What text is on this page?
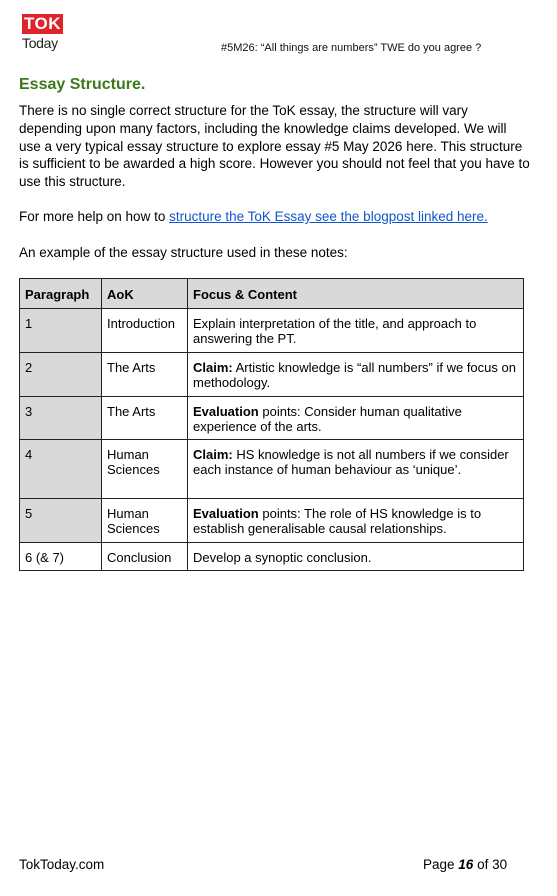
TOK
Today	#5M26: “All things are numbers” TWE do you agree ?
Essay Structure.
There is no single correct structure for the ToK essay, the structure will vary depending upon many factors, including the knowledge claims developed. We will use a very typical essay structure to explore essay #5 May 2026 here. This structure is sufficient to be awarded a high score. However you should not feel that you have to use this structure.
For more help on how to structure the ToK Essay see the blogpost linked here.
An example of the essay structure used in these notes:
Paragraph	AoK	Focus & Content
1	Introduction	Explain interpretation of the title, and approach to answering the PT.
2	The Arts	Claim: Artistic knowledge is “all numbers” if we focus on methodology.
3	The Arts	Evaluation points: Consider human qualitative experience of the arts.
4	Human Sciences	Claim: HS knowledge is not all numbers if we consider each instance of human behaviour as ‘unique’.
5	Human Sciences	Evaluation points: The role of HS knowledge is to establish generalisable causal relationships.
6 (& 7)	Conclusion	Develop a synoptic conclusion.
TokToday.com	Page 16 of 30
